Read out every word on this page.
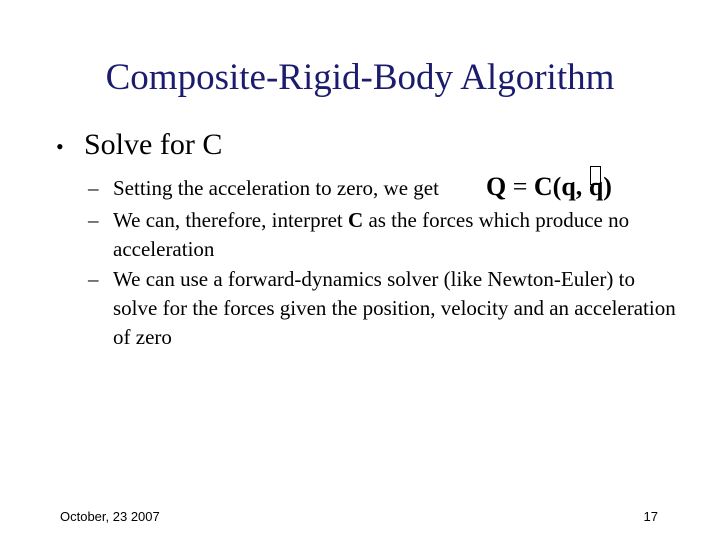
Composite-Rigid-Body Algorithm
• Solve for C
– Setting the acceleration to zero, we get	Q = C(q,
q)
– We can, therefore, interpret C as the forces which produce no acceleration
– We can use a forward-dynamics solver (like Newton-Euler) to solve for the forces given the position, velocity and an acceleration of zero
October, 23 2007	17
